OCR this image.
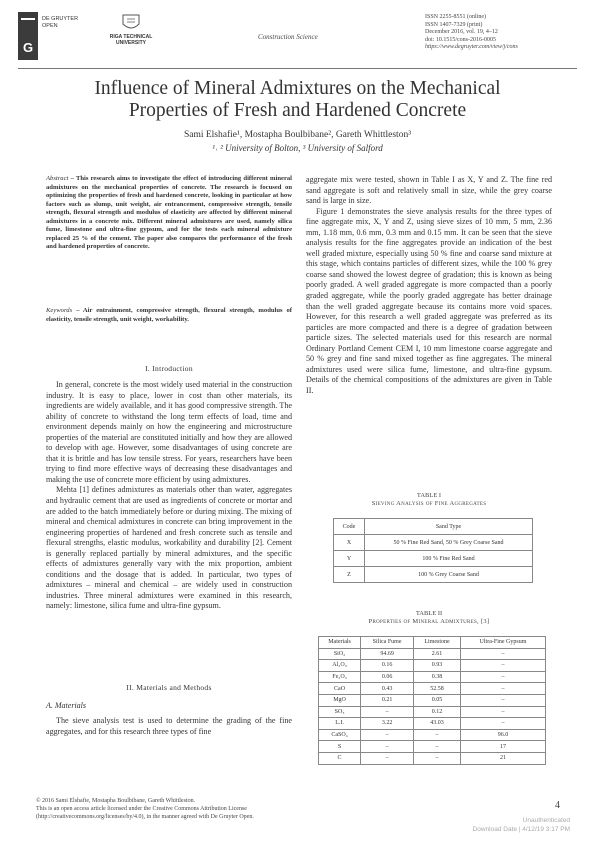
G
DE GRUYTER
OPEN
RIGA TECHNICAL
UNIVERSITY
Construction Science
ISSN 2255-8551 (online)
ISSN 1407-7329 (print)
December 2016, vol. 19, 4–12
doi: 10.1515/cons-2016-0005
https://www.degruyter.com/view/j/cons
Influence of Mineral Admixtures on the Mechanical
Properties of Fresh and Hardened Concrete
Sami Elshafie¹, Mostapha Boulbibane², Gareth Whittleston³
¹˒ ² University of Bolton, ³ University of Salford
Abstract – This research aims to investigate the effect of introducing different mineral admixtures on the mechanical properties of concrete. The research is focused on optimizing the properties of fresh and hardened concrete, looking in particular at how factors such as slump, unit weight, air entrancement, compressive strength, tensile strength, flexural strength and modulus of elasticity are affected by different mineral admixtures in a concrete mix. Different mineral admixtures are used, namely silica fume, limestone and ultra-fine gypsum, and for the tests each mineral admixture replaced 25 % of the cement. The paper also compares the performance of the fresh and hardened properties of concrete.
Keywords – Air entrainment, compressive strength, flexural strength, modulus of elasticity, tensile strength, unit weight, workability.
I. Introduction

In general, concrete is the most widely used material in the construction industry. It is easy to place, lower in cost than other materials, its ingredients are widely available, and it has good compressive strength. The ability of concrete to withstand the long term effects of load, time and environment depends mainly on how the engineering and microstructure properties of the material are constituted initially and how they are allowed to develop with age. However, some disadvantages of using concrete are that it is brittle and has low tensile stress. For years, researchers have been trying to find more effective ways of decreasing these disadvantages and making the use of concrete more efficient by using admixtures.

Mehta [1] defines admixtures as materials other than water, aggregates and hydraulic cement that are used as ingredients of concrete or mortar and are added to the batch immediately before or during mixing. The mixing of mineral and chemical admixtures in concrete can bring improvement in the engineering properties of hardened and fresh concrete such as tensile and flexural strengths, elastic modulus, workability and durability [2]. Cement is generally replaced partially by mineral admixtures, and the specific effects of admixtures generally vary with the mix proportion, ambient conditions and the dosage that is added. In particular, two types of admixtures – mineral and chemical – are widely used in construction industries. Three mineral admixtures were examined in this research, namely: limestone, silica fume and ultra-fine gypsum.

II. Materials and Methods
A. Materials

The sieve analysis test is used to determine the grading of the fine aggregates, and for this research three types of fine

aggregate mix were tested, shown in Table I as X, Y and Z. The fine red sand aggregate is soft and relatively small in size, while the grey coarse sand is large in size.

Figure 1 demonstrates the sieve analysis results for the three types of fine aggregate mix, X, Y and Z, using sieve sizes of 10 mm, 5 mm, 2.36 mm, 1.18 mm, 0.6 mm, 0.3 mm and 0.15 mm. It can be seen that the sieve analysis results for the fine aggregates provide an indication of the best well graded mixture, especially using 50 % fine and coarse sand mixture at this stage, which contains particles of different sizes, while the 100 % grey coarse sand showed the lowest degree of gradation; this is known as being poorly graded. A well graded aggregate is more compacted than a poorly graded aggregate, while the poorly graded aggregate has better drainage than the well graded aggregate because its contains more void spaces. However, for this research a well graded aggregate was preferred as its particles are more compacted and there is a degree of gradation between particle sizes. The selected materials used for this research are normal Ordinary Portland Cement CEM I, 10 mm limestone coarse aggregate and 50 % grey and fine sand mixed together as fine aggregates. The mineral admixtures used were silica fume, limestone, and ultra-fine gypsum. Details of the chemical compositions of the admixtures are given in Table II.

TABLE I
Sieving Analysis of Fine Aggregates
Code	Sand Type
X	50 % Fine Red Sand, 50 % Grey Coarse Sand
Y	100 % Fine Red Sand
Z	100 % Grey Coarse Sand
TABLE II
Properties of Mineral Admixtures, [3]
Materials	Silica Fume	Limestone	Ultra-Fine Gypsum
SiO₂	94.69	2.61	–
Al₂O₃	0.16	0.93	–
Fe₂O₃	0.06	0.38	–
CaO	0.43	52.58	–
MgO	0.21	0.05	–
SO₃	–	0.12	–
L.I.	3.22	43.03	–
CaSO₄	–	–	96.0
S	–	–	17
C	–	–	21
© 2016 Sami Elshafie, Mostapha Boulbibane, Gareth Whittleston.
This is an open access article licensed under the Creative Commons Attribution License
(http://creativecommons.org/licenses/by/4.0), in the manner agreed with De Gruyter Open.
4
Unauthenticated
Download Date | 4/12/19 3:17 PM
